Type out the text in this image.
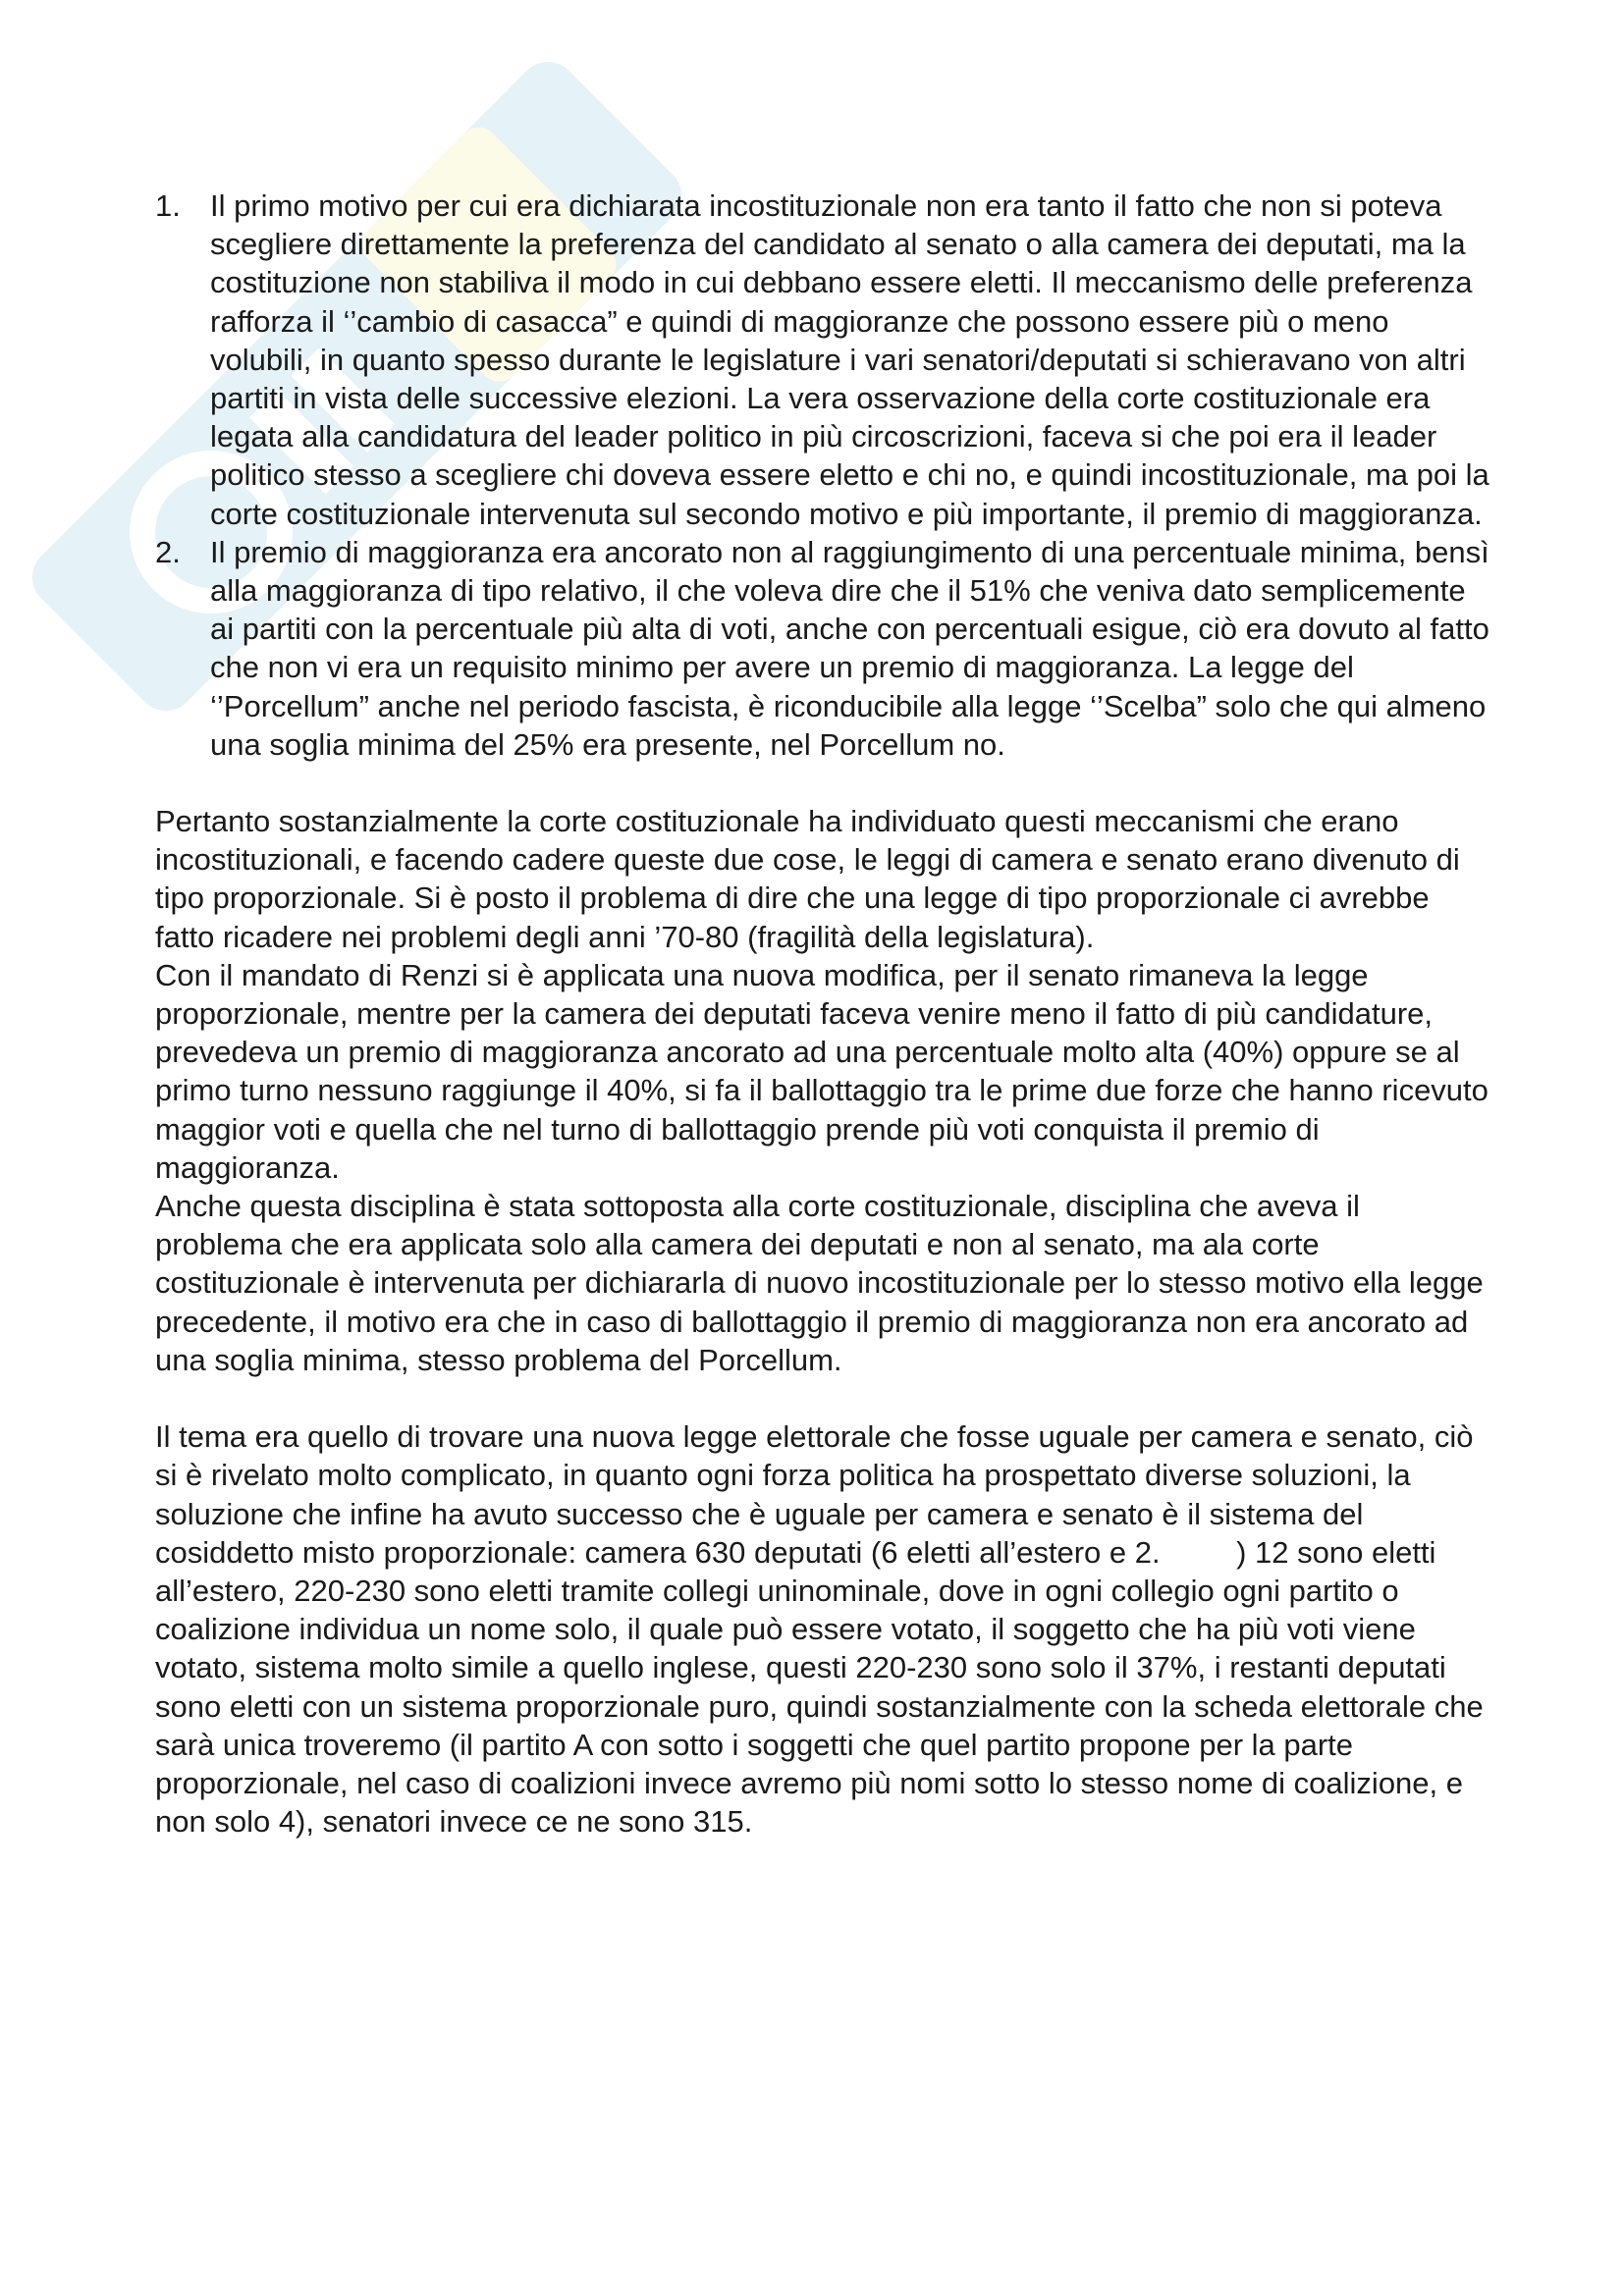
1. Il primo motivo per cui era dichiarata incostituzionale non era tanto il fatto che non si poteva scegliere direttamente la preferenza del candidato al senato o alla camera dei deputati, ma la costituzione non stabiliva il modo in cui debbano essere eletti. Il meccanismo delle preferenza rafforza il ‘’cambio di casacca” e quindi di maggioranze che possono essere più o meno volubili, in quanto spesso durante le legislature i vari senatori/deputati si schieravano von altri partiti in vista delle successive elezioni. La vera osservazione della corte costituzionale era legata alla candidatura del leader politico in più circoscrizioni, faceva si che poi era il leader politico stesso a scegliere chi doveva essere eletto e chi no, e quindi incostituzionale, ma poi la corte costituzionale intervenuta sul secondo motivo e più importante, il premio di maggioranza.
2. Il premio di maggioranza era ancorato non al raggiungimento di una percentuale minima, bensì alla maggioranza di tipo relativo, il che voleva dire che il 51% che veniva dato semplicemente ai partiti con la percentuale più alta di voti, anche con percentuali esigue, ciò era dovuto al fatto che non vi era un requisito minimo per avere un premio di maggioranza. La legge del ‘’Porcellum” anche nel periodo fascista, è riconducibile alla legge ‘’Scelba” solo che qui almeno una soglia minima del 25% era presente, nel Porcellum no.

Pertanto sostanzialmente la corte costituzionale ha individuato questi meccanismi che erano incostituzionali, e facendo cadere queste due cose, le leggi di camera e senato erano divenuto di tipo proporzionale. Si è posto il problema di dire che una legge di tipo proporzionale ci avrebbe fatto ricadere nei problemi degli anni ’70-80 (fragilità della legislatura).

Con il mandato di Renzi si è applicata una nuova modifica, per il senato rimaneva la legge proporzionale, mentre per la camera dei deputati faceva venire meno il fatto di più candidature, prevedeva un premio di maggioranza ancorato ad una percentuale molto alta (40%) oppure se al primo turno nessuno raggiunge il 40%, si fa il ballottaggio tra le prime due forze che hanno ricevuto maggior voti e quella che nel turno di ballottaggio prende più voti conquista il premio di maggioranza.

Anche questa disciplina è stata sottoposta alla corte costituzionale, disciplina che aveva il problema che era applicata solo alla camera dei deputati e non al senato, ma ala corte costituzionale è intervenuta per dichiararla di nuovo incostituzionale per lo stesso motivo ella legge precedente, il motivo era che in caso di ballottaggio il premio di maggioranza non era ancorato ad una soglia minima, stesso problema del Porcellum.

Il tema era quello di trovare una nuova legge elettorale che fosse uguale per camera e senato, ciò si è rivelato molto complicato, in quanto ogni forza politica ha prospettato diverse soluzioni, la soluzione che infine ha avuto successo che è uguale per camera e senato è il sistema del cosiddetto misto proporzionale: camera 630 deputati (6 eletti all’estero e 2.         ) 12 sono eletti all’estero, 220-230 sono eletti tramite collegi uninominale, dove in ogni collegio ogni partito o coalizione individua un nome solo, il quale può essere votato, il soggetto che ha più voti viene votato, sistema molto simile a quello inglese, questi 220-230 sono solo il 37%, i restanti deputati sono eletti con un sistema proporzionale puro, quindi sostanzialmente con la scheda elettorale che sarà unica troveremo (il partito A con sotto i soggetti che quel partito propone per la parte proporzionale, nel caso di coalizioni invece avremo più nomi sotto lo stesso nome di coalizione, e non solo 4), senatori invece ce ne sono 315.
